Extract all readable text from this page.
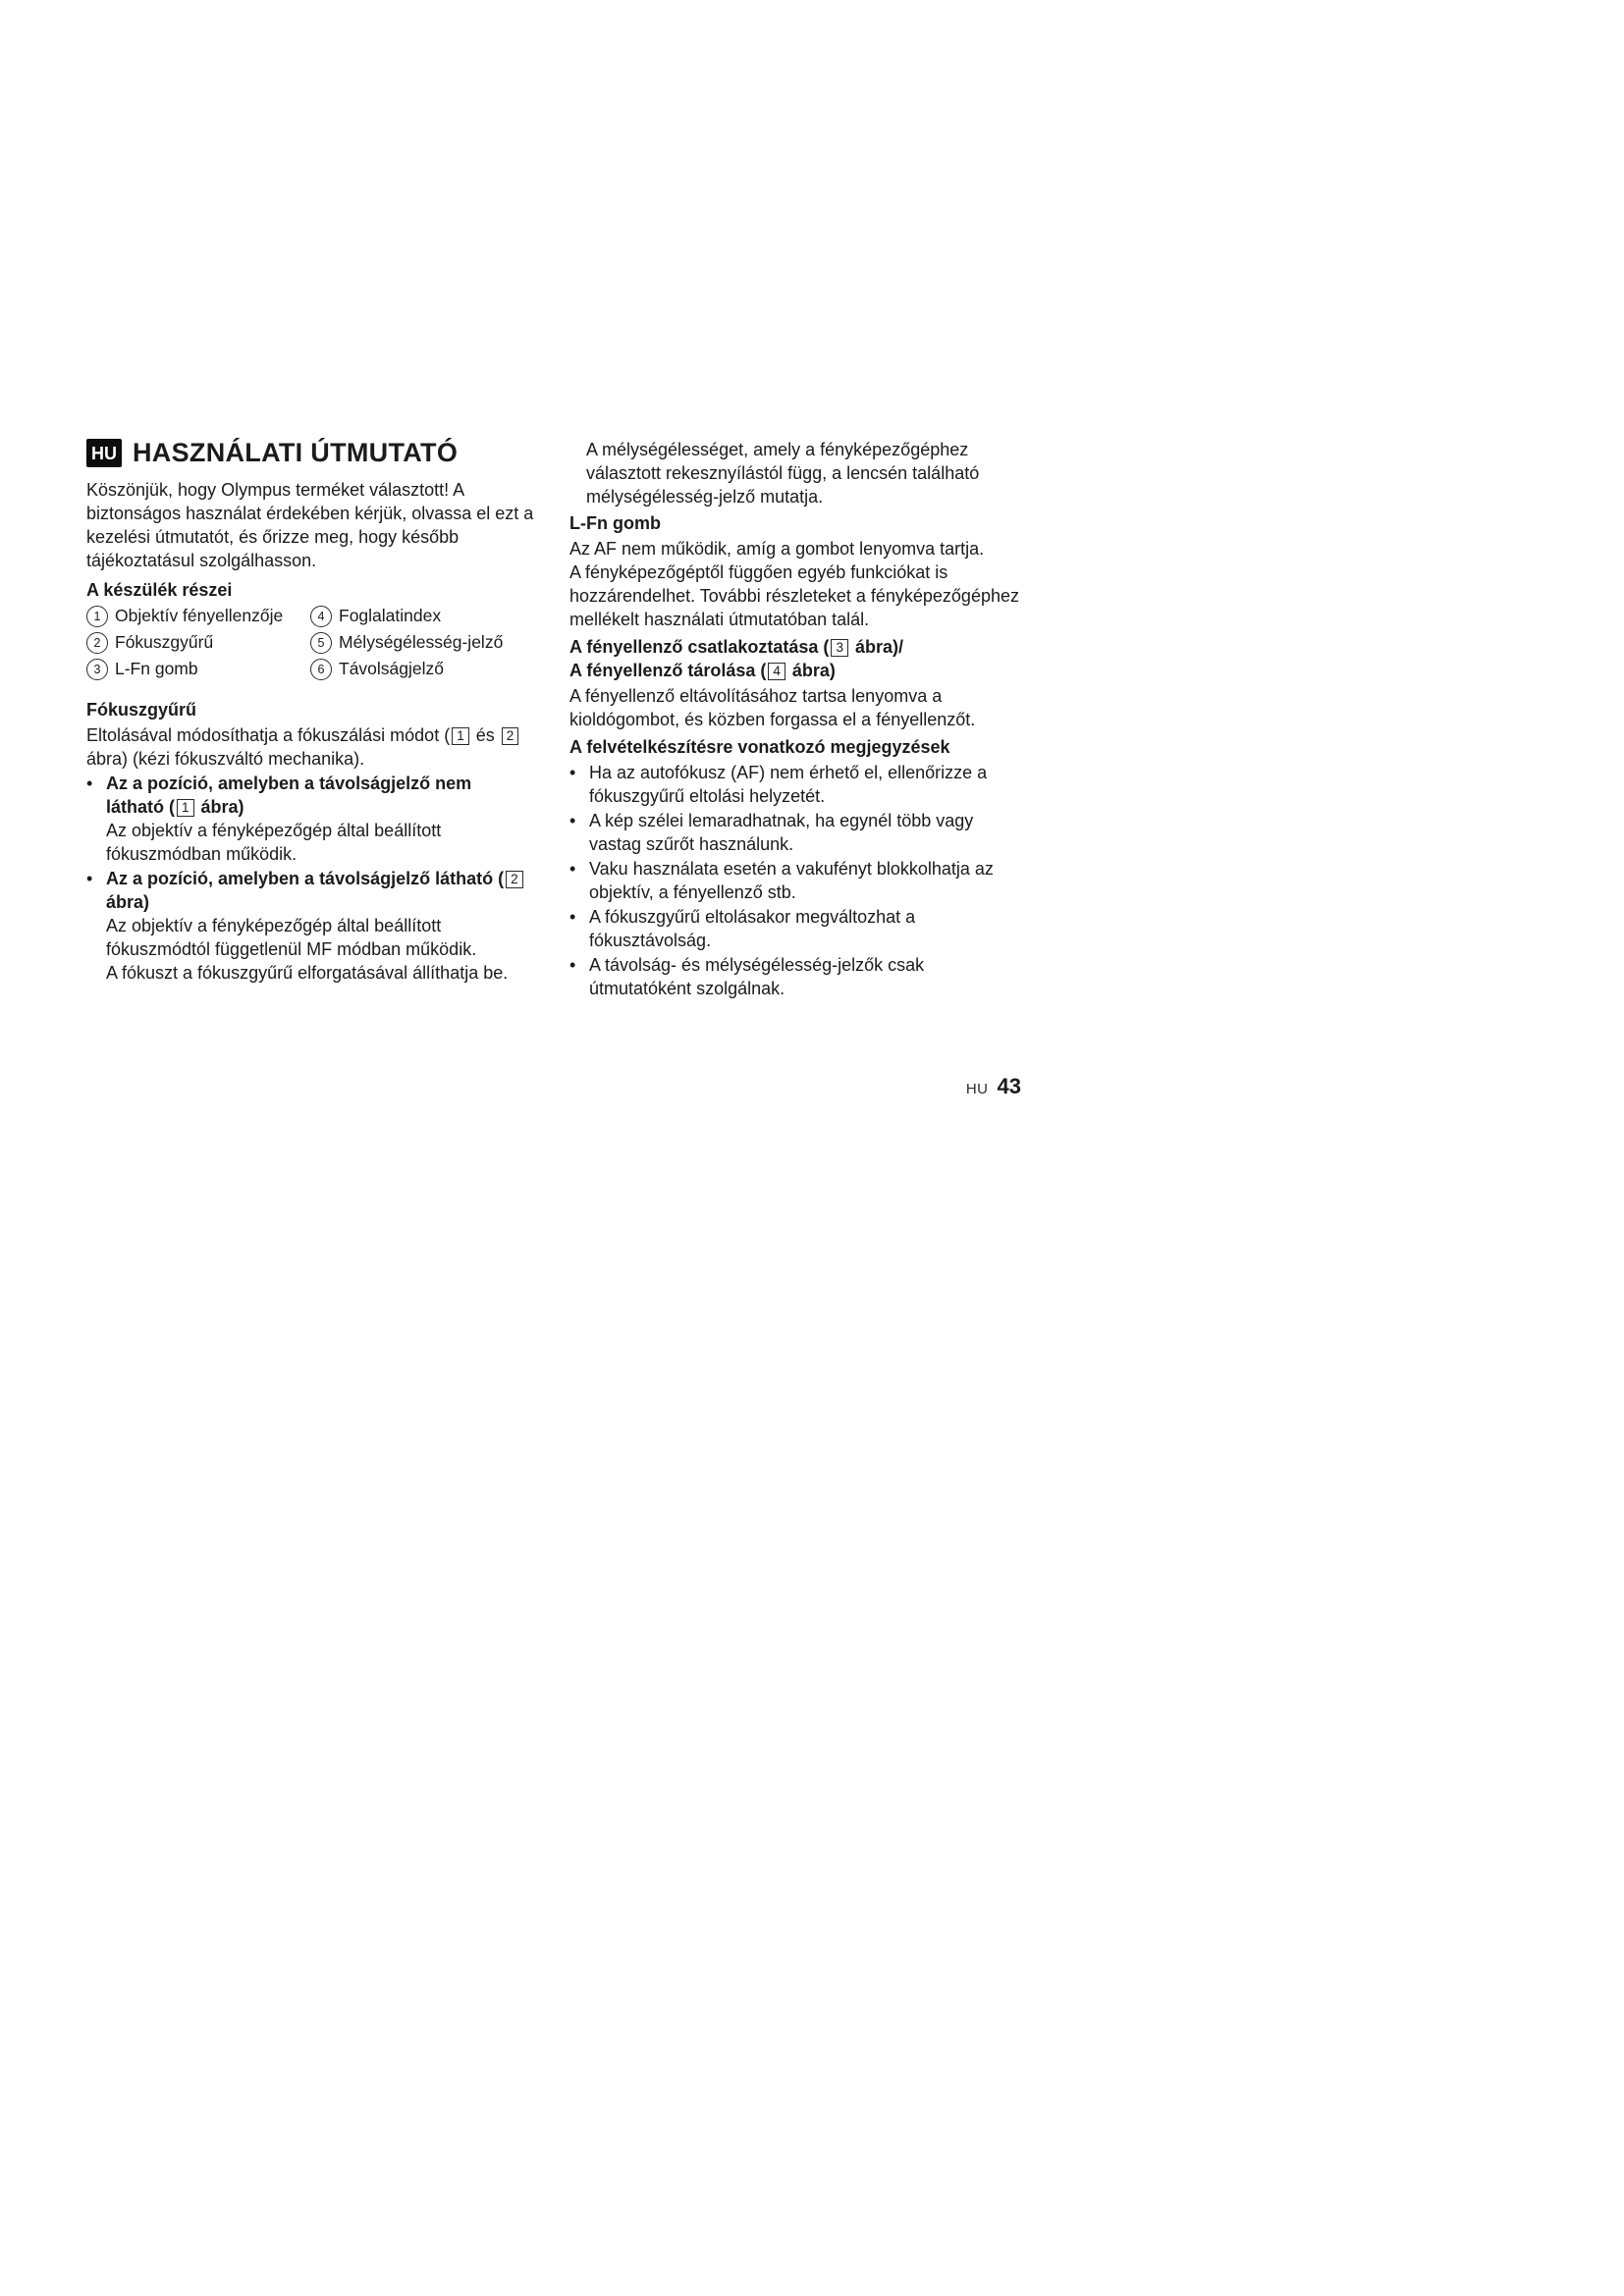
HU HASZNÁLATI ÚTMUTATÓ

Köszönjük, hogy Olympus terméket választott! A biztonságos használat érdekében kérjük, olvassa el ezt a kezelési útmutatót, és őrizze meg, hogy később tájékoztatásul szolgálhasson.

A készülék részei
1 Objektív fényellenzője	4 Foglalatindex
2 Fókuszgyűrű	5 Mélységélesség-jelző
3 L-Fn gomb	6 Távolságjelző
Fókuszgyűrű

Eltolásával módosíthatja a fókuszálási módot ( 1 és 2 ábra) (kézi fókuszváltó mechanika).

• Az a pozíció, amelyben a távolságjelző nem látható ( 1 ábra)

Az objektív a fényképezőgép által beállított fókuszmódban működik.

• Az a pozíció, amelyben a távolságjelző látható ( 2 ábra)

Az objektív a fényképezőgép által beállított fókuszmódtól függetlenül MF módban működik.

A fókuszt a fókuszgyűrű elforgatásával állíthatja be.

A mélységélességet, amely a fényképezőgéphez választott rekesznyílástól függ, a lencsén található mélységélesség-jelző mutatja.

L-Fn gomb

Az AF nem működik, amíg a gombot lenyomva tartja.

A fényképezőgéptől függően egyéb funkciókat is hozzárendelhet. További részleteket a fényképezőgéphez mellékelt használati útmutatóban talál.

A fényellenző csatlakoztatása ( 3 ábra)/
A fényellenző tárolása ( 4 ábra)

A fényellenző eltávolításához tartsa lenyomva a kioldógombot, és közben forgassa el a fényellenzőt.

A felvételkészítésre vonatkozó megjegyzések
• Ha az autofókusz (AF) nem érhető el, ellenőrizze a fókuszgyűrű eltolási helyzetét.
• A kép szélei lemaradhatnak, ha egynél több vagy vastag szűrőt használunk.
• Vaku használata esetén a vakufényt blokkolhatja az objektív, a fényellenző stb.
• A fókuszgyűrű eltolásakor megváltozhat a fókusztávolság.
• A távolság- és mélységélesség-jelzők csak útmutatóként szolgálnak.
HU 43
